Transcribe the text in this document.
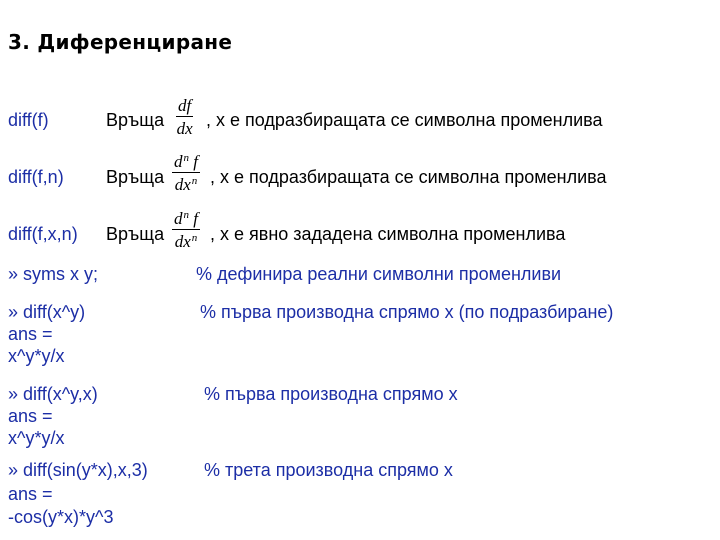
3. Диференциране
diff(f)	Връща
df
dx , x е подразбиращата се символна променлива
diff(f,n) Връща
$d^n$ f
$dx^n$ , x е подразбиращата се символна променлива
diff(f,x,n) Връща
$d^n$ f
$dx^n$ , x е явно зададена символна променлива
» syms x y;	% дефинира реални символни променливи
» diff(x^y)
ans =
x^y*y/x
% първа производна спрямо x (по подразбиране)
» diff(x^y,x)
ans =
x^y*y/x
% първа производна спрямо x
» diff(sin(y*x),x,3)
ans =
-cos(y*x)*y^3
% трета производна спрямо x
